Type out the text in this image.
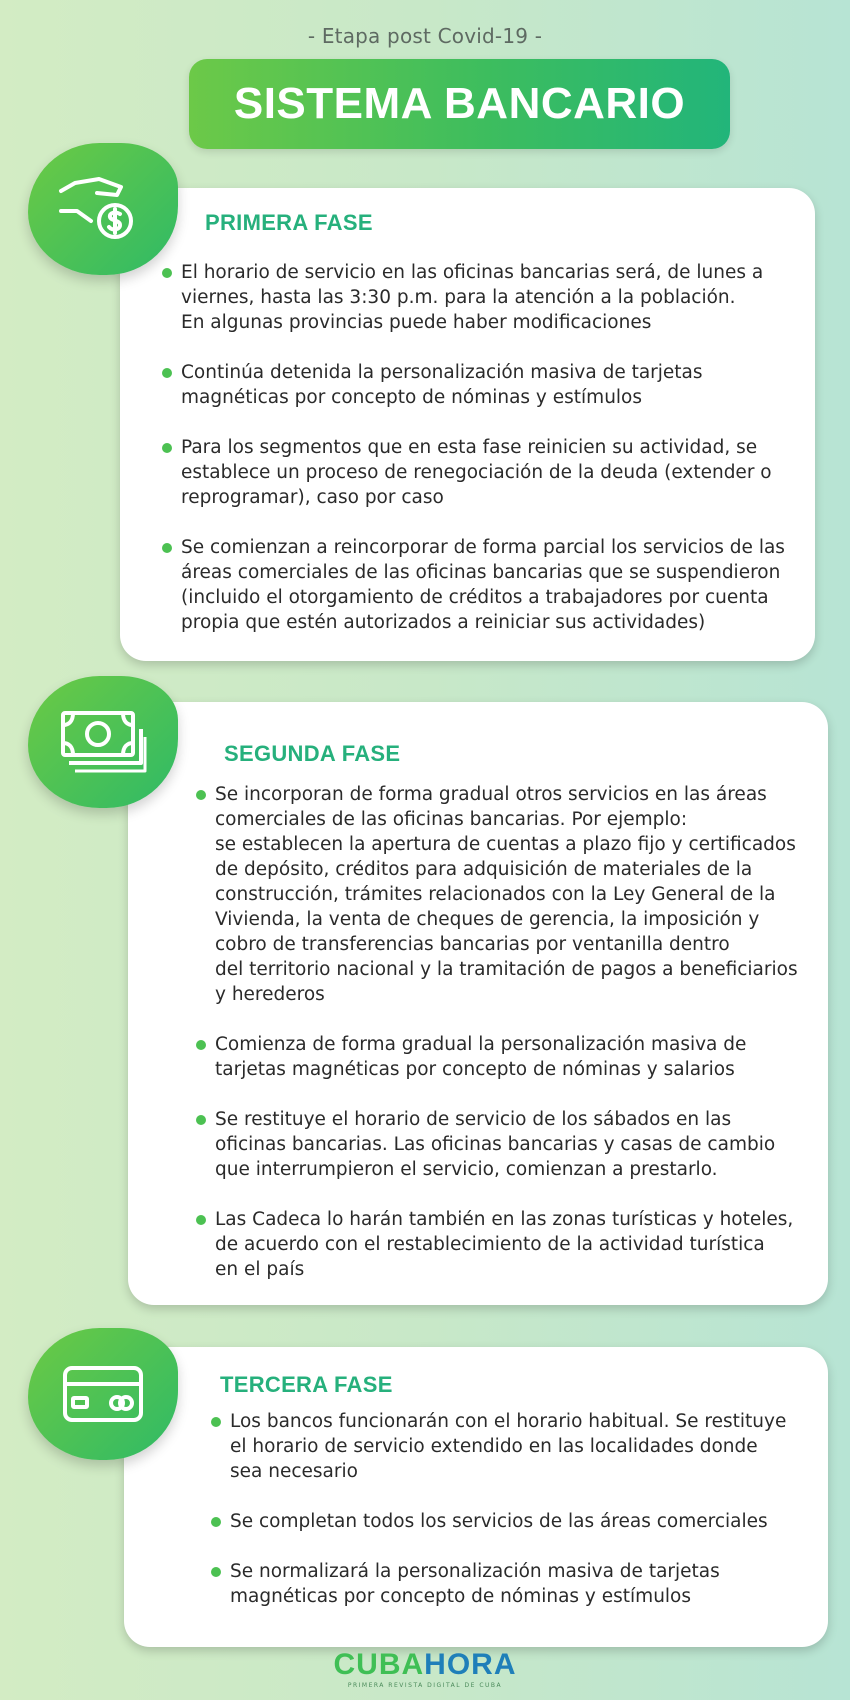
- Etapa post Covid-19 -
SISTEMA BANCARIO
PRIMERA FASE
El horario de servicio en las oficinas bancarias será, de lunes a
viernes, hasta las 3:30 p.m. para la atención a la población.
En algunas provincias puede haber modificaciones
Continúa detenida la personalización masiva de tarjetas
magnéticas por concepto de nóminas y estímulos
Para los segmentos que en esta fase reinicien su actividad, se
establece un proceso de renegociación de la deuda (extender o
reprogramar), caso por caso
Se comienzan a reincorporar de forma parcial los servicios de las
áreas comerciales de las oficinas bancarias que se suspendieron
(incluido el otorgamiento de créditos a trabajadores por cuenta
propia que estén autorizados a reiniciar sus actividades)
SEGUNDA FASE
Se incorporan de forma gradual otros servicios en las áreas
comerciales de las oficinas bancarias. Por ejemplo:
se establecen la apertura de cuentas a plazo fijo y certificados
de depósito, créditos para adquisición de materiales de la
construcción, trámites relacionados con la Ley General de la
Vivienda, la venta de cheques de gerencia, la imposición y
cobro de transferencias bancarias por ventanilla dentro
del territorio nacional y la tramitación de pagos a beneficiarios
y herederos
Comienza de forma gradual la personalización masiva de
tarjetas magnéticas por concepto de nóminas y salarios
Se restituye el horario de servicio de los sábados en las
oficinas bancarias. Las oficinas bancarias y casas de cambio
que interrumpieron el servicio, comienzan a prestarlo.
Las Cadeca lo harán también en las zonas turísticas y hoteles,
de acuerdo con el restablecimiento de la actividad turística
en el país
TERCERA FASE
Los bancos funcionarán con el horario habitual. Se restituye
el horario de servicio extendido en las localidades donde
sea necesario
Se completan todos los servicios de las áreas comerciales
Se normalizará la personalización masiva de tarjetas
magnéticas por concepto de nóminas y estímulos
CUBAHORA
PRIMERA REVISTA DIGITAL DE CUBA
